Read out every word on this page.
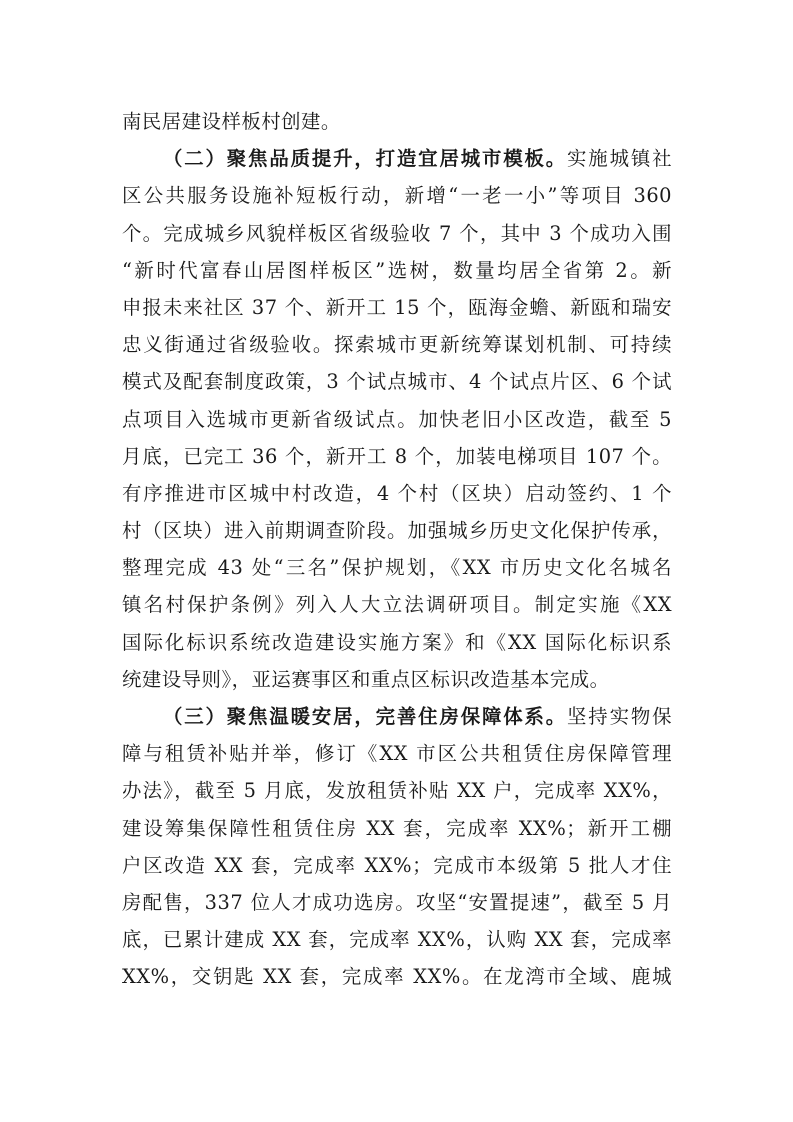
南民居建设样板村创建。
（二）聚焦品质提升，打造宜居城市模板。实施城镇社
区公共服务设施补短板行动，新增“一老一小”等项目 360
个。完成城乡风貌样板区省级验收 7 个，其中 3 个成功入围
“新时代富春山居图样板区”选树，数量均居全省第 2。新
申报未来社区 37 个、新开工 15 个，瓯海金蟾、新瓯和瑞安
忠义街通过省级验收。探索城市更新统筹谋划机制、可持续
模式及配套制度政策，3 个试点城市、4 个试点片区、6 个试
点项目入选城市更新省级试点。加快老旧小区改造，截至 5
月底，已完工 36 个，新开工 8 个，加装电梯项目 107 个。
有序推进市区城中村改造，4 个村（区块）启动签约、1 个
村（区块）进入前期调查阶段。加强城乡历史文化保护传承，
整理完成 43 处“三名”保护规划，《XX 市历史文化名城名
镇名村保护条例》列入人大立法调研项目。制定实施《XX
国际化标识系统改造建设实施方案》和《XX 国际化标识系
统建设导则》，亚运赛事区和重点区标识改造基本完成。
（三）聚焦温暖安居，完善住房保障体系。坚持实物保
障与租赁补贴并举，修订《XX 市区公共租赁住房保障管理
办法》，截至 5 月底，发放租赁补贴 XX 户，完成率 XX%，
建设筹集保障性租赁住房 XX 套，完成率 XX%；新开工棚
户区改造 XX 套，完成率 XX%；完成市本级第 5 批人才住
房配售，337 位人才成功选房。攻坚“安置提速”，截至 5 月
底，已累计建成 XX 套，完成率 XX%，认购 XX 套，完成率
XX%，交钥匙 XX 套，完成率 XX%。在龙湾市全域、鹿城
